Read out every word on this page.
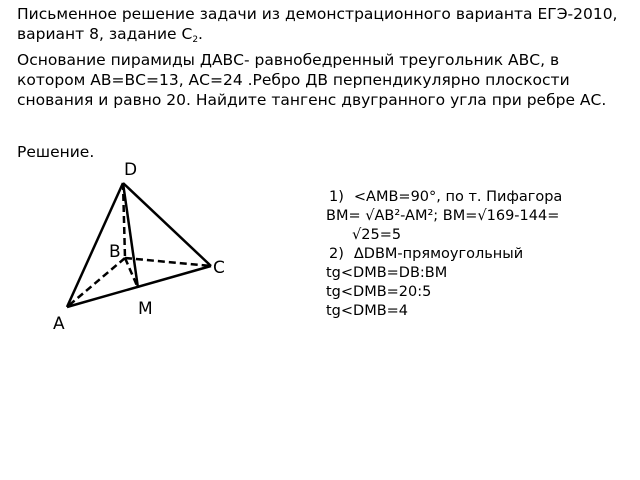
Письменное решение задачи из демонстрационного варианта ЕГЭ-2010, вариант 8, задание $С_2$.

Основание пирамиды ДАВС- равнобедренный треугольник АВС, в котором АВ=ВС=13, АС=24 .Ребро ДВ перпендикулярно плоскости снования и равно 20. Найдите тангенс двугранного угла при ребре АС.

Решение.
D
B
C
A
M
1) <AMB=90°, по т. Пифагора
BM= √AB²-AM²; BM=√169-144=
√25=5
2) ΔDBM-прямоугольный
tg<DMB=DB:BM
tg<DMB=20:5
tg<DMB=4
